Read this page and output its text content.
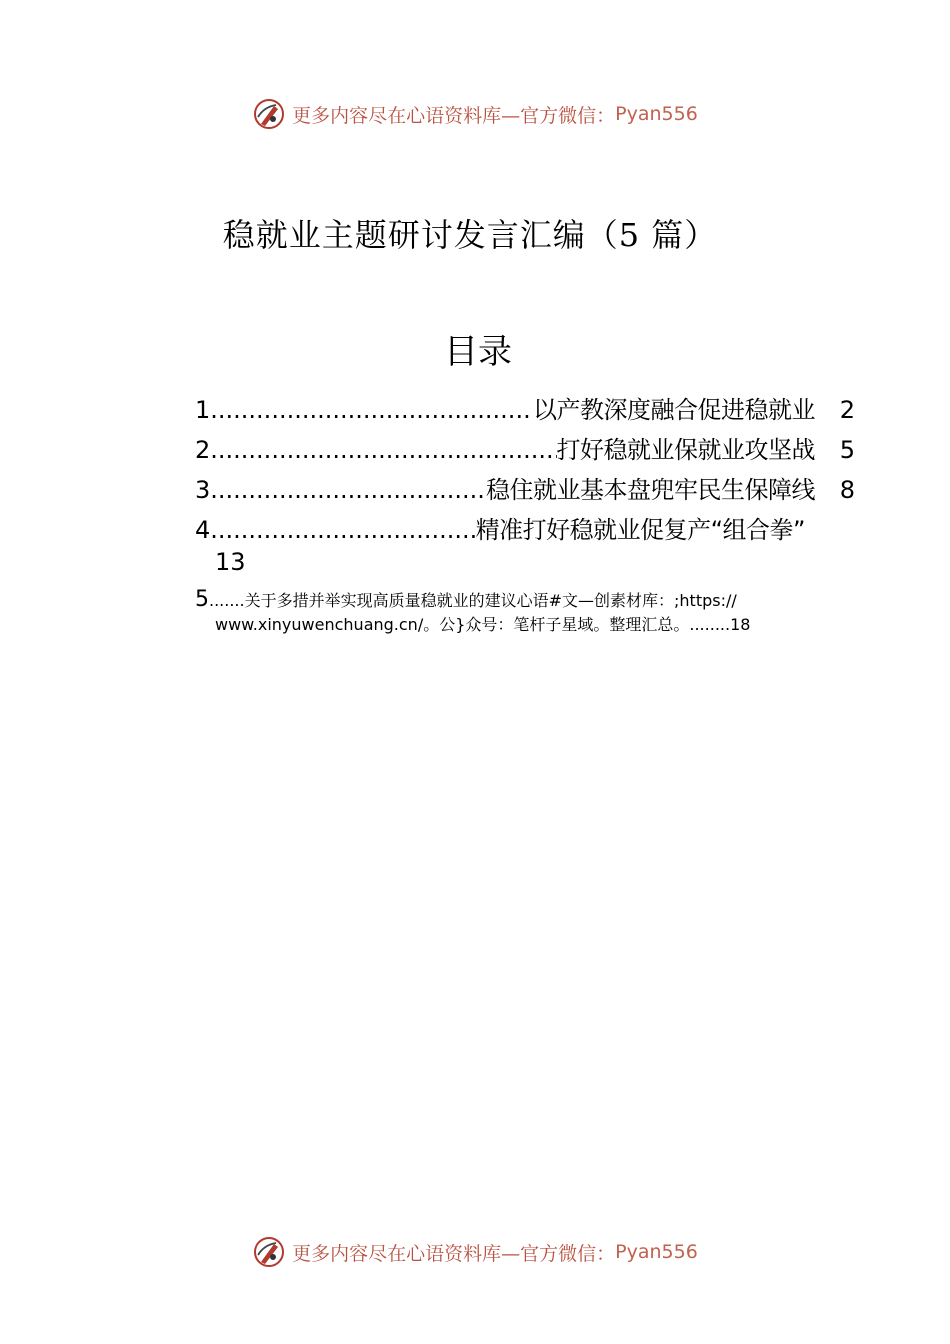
更多内容尽在心语资料库—官方微信： Pyan556
稳就业主题研讨发言汇编（5 篇）
目录
1 .....	以产教深度融合促进稳就业	2
2 .....	打好稳就业保就业攻坚战	5
3 .....	稳住就业基本盘兜牢民生保障线	8
4 .....	精准打好稳就业促复产“组合拳”
13
5.......关于多措并举实现高质量稳就业的建议心语#文—创素材库：;https://
www.xinyuwenchuang.cn/。公}众号：笔杆子星域。整理汇总。........18
更多内容尽在心语资料库—官方微信： Pyan556
